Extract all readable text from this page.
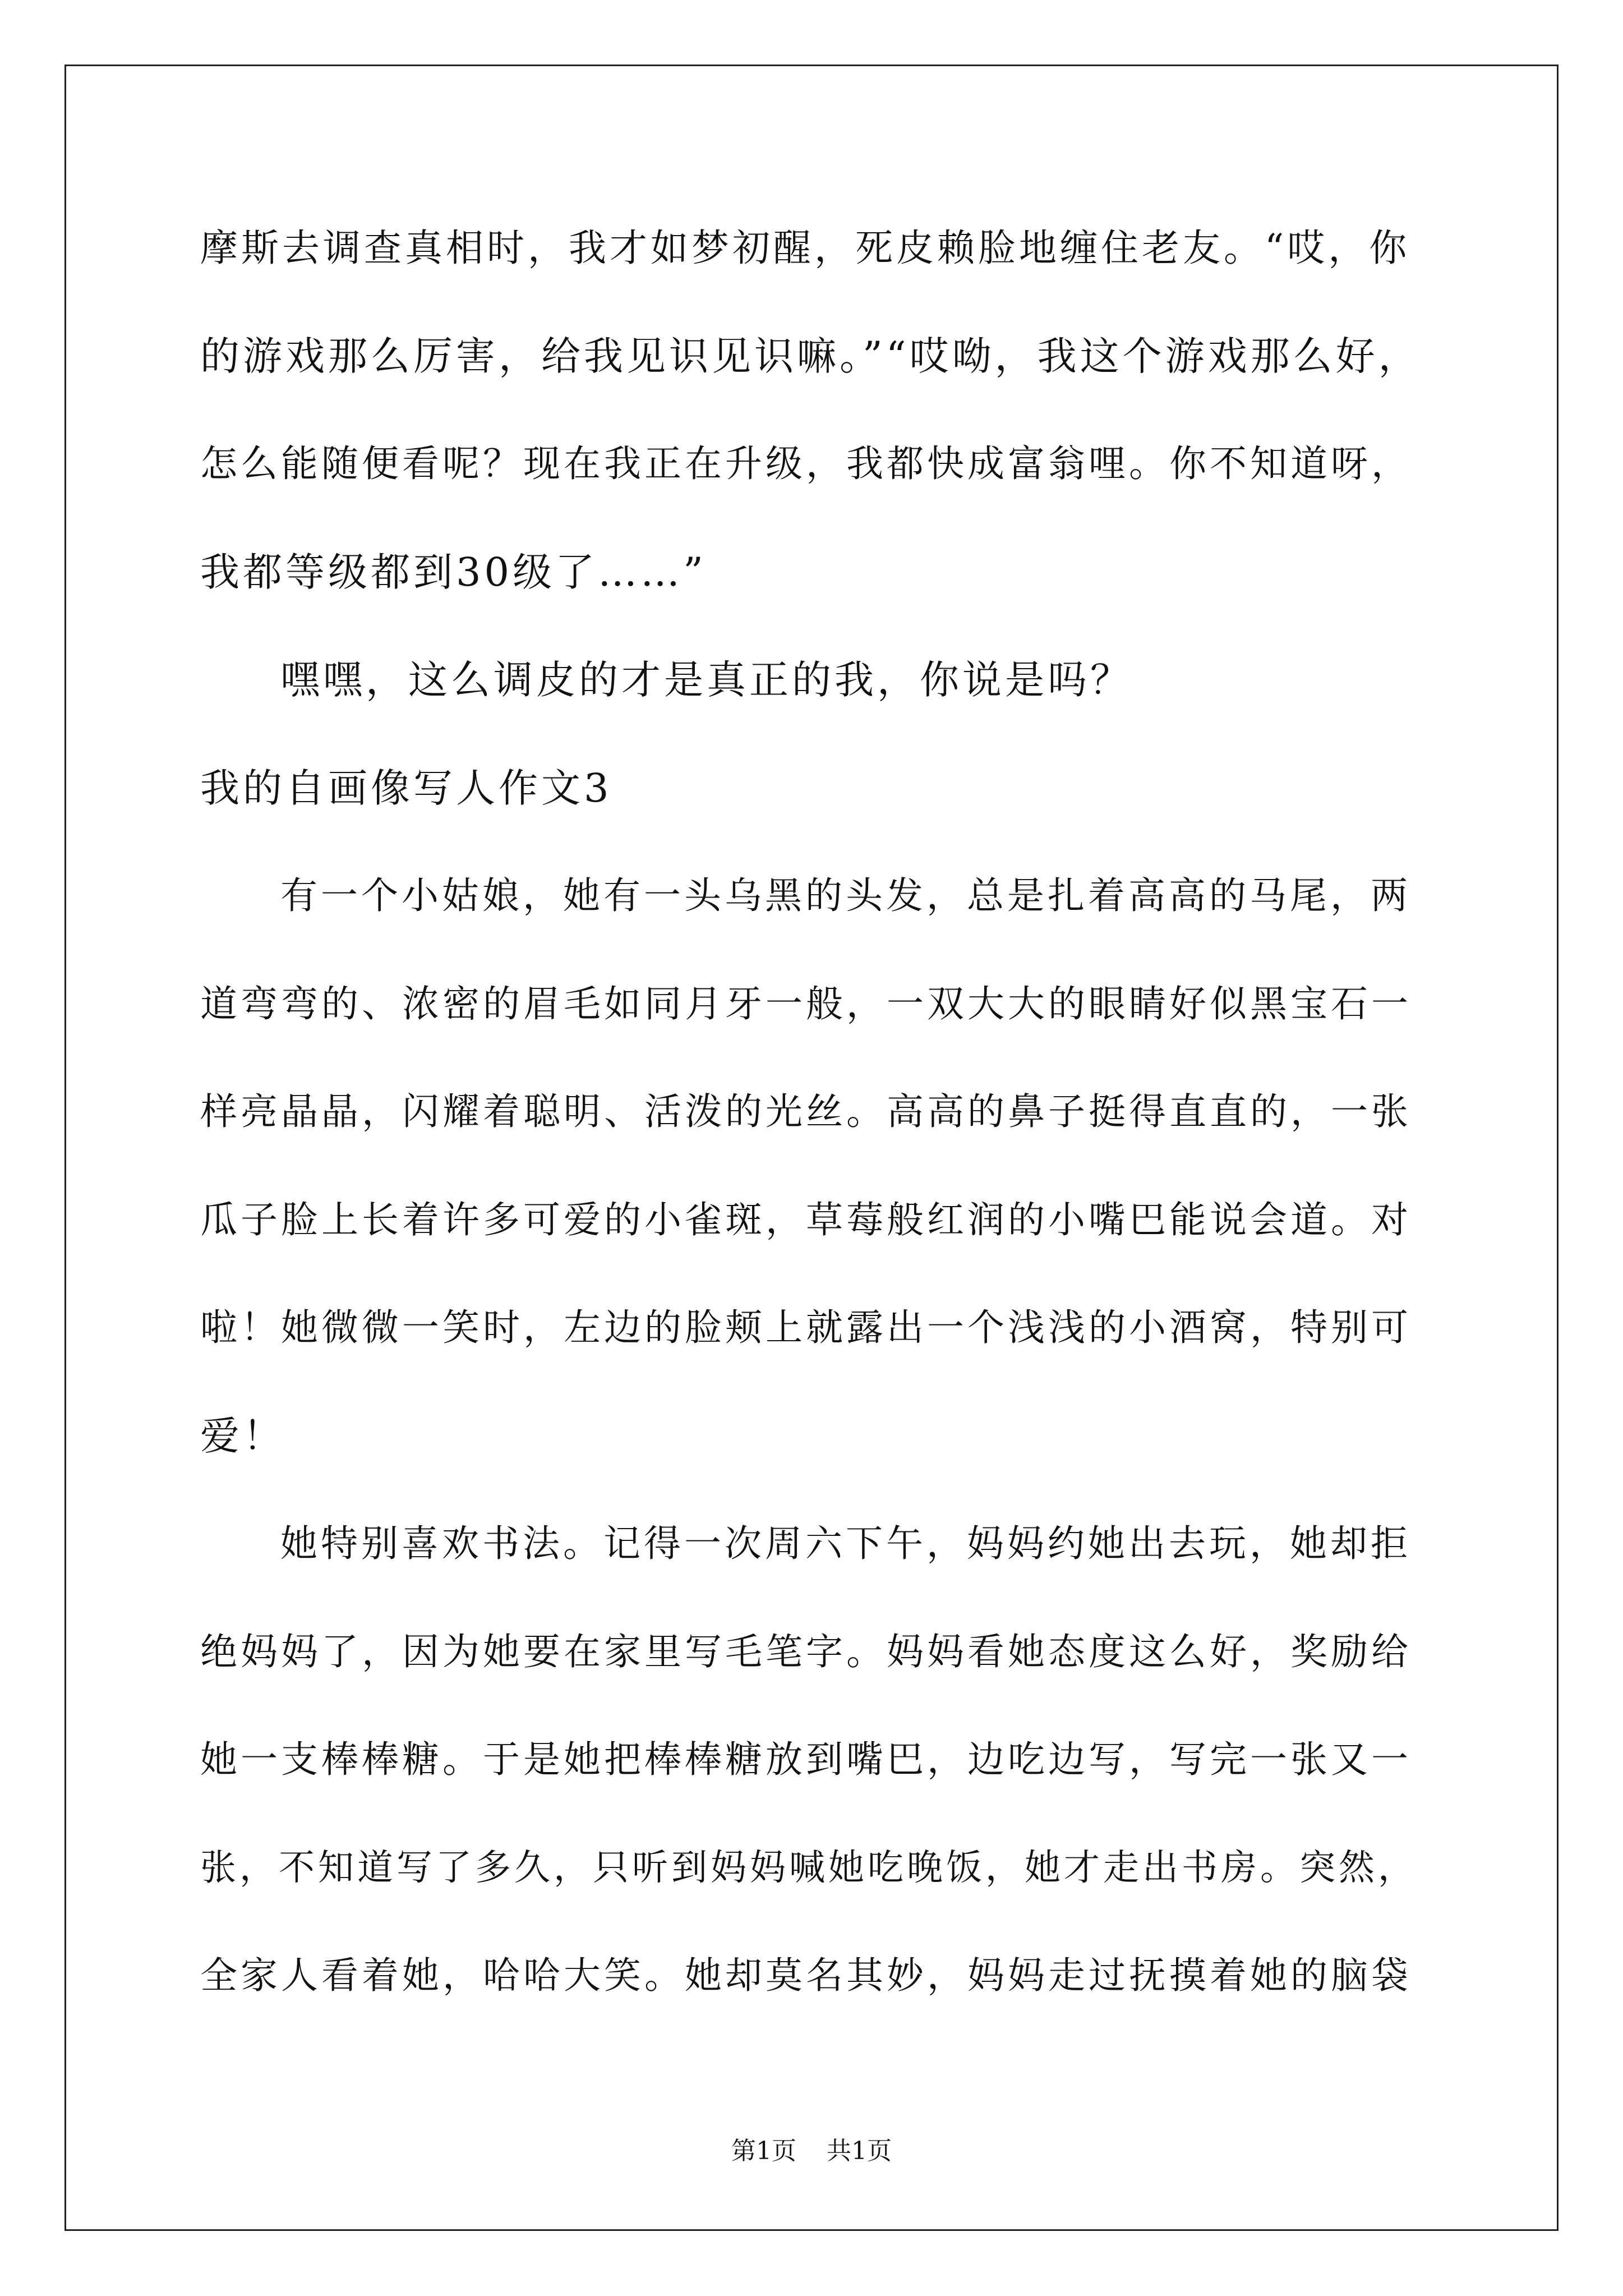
摩斯去调查真相时，我才如梦初醒，死皮赖脸地缠住老友。“哎，你
的游戏那么厉害，给我见识见识嘛。”“哎呦，我这个游戏那么好，
怎么能随便看呢？现在我正在升级，我都快成富翁哩。你不知道呀，
我都等级都到30级了……”
嘿嘿，这么调皮的才是真正的我，你说是吗？
我的自画像写人作文3
有一个小姑娘，她有一头乌黑的头发，总是扎着高高的马尾，两
道弯弯的、浓密的眉毛如同月牙一般，一双大大的眼睛好似黑宝石一
样亮晶晶，闪耀着聪明、活泼的光丝。高高的鼻子挺得直直的，一张
瓜子脸上长着许多可爱的小雀斑，草莓般红润的小嘴巴能说会道。对
啦！她微微一笑时，左边的脸颊上就露出一个浅浅的小酒窝，特别可
爱！
她特别喜欢书法。记得一次周六下午，妈妈约她出去玩，她却拒
绝妈妈了，因为她要在家里写毛笔字。妈妈看她态度这么好，奖励给
她一支棒棒糖。于是她把棒棒糖放到嘴巴，边吃边写，写完一张又一
张，不知道写了多久，只听到妈妈喊她吃晚饭，她才走出书房。突然，
全家人看着她，哈哈大笑。她却莫名其妙，妈妈走过抚摸着她的脑袋
第1页 共1页
